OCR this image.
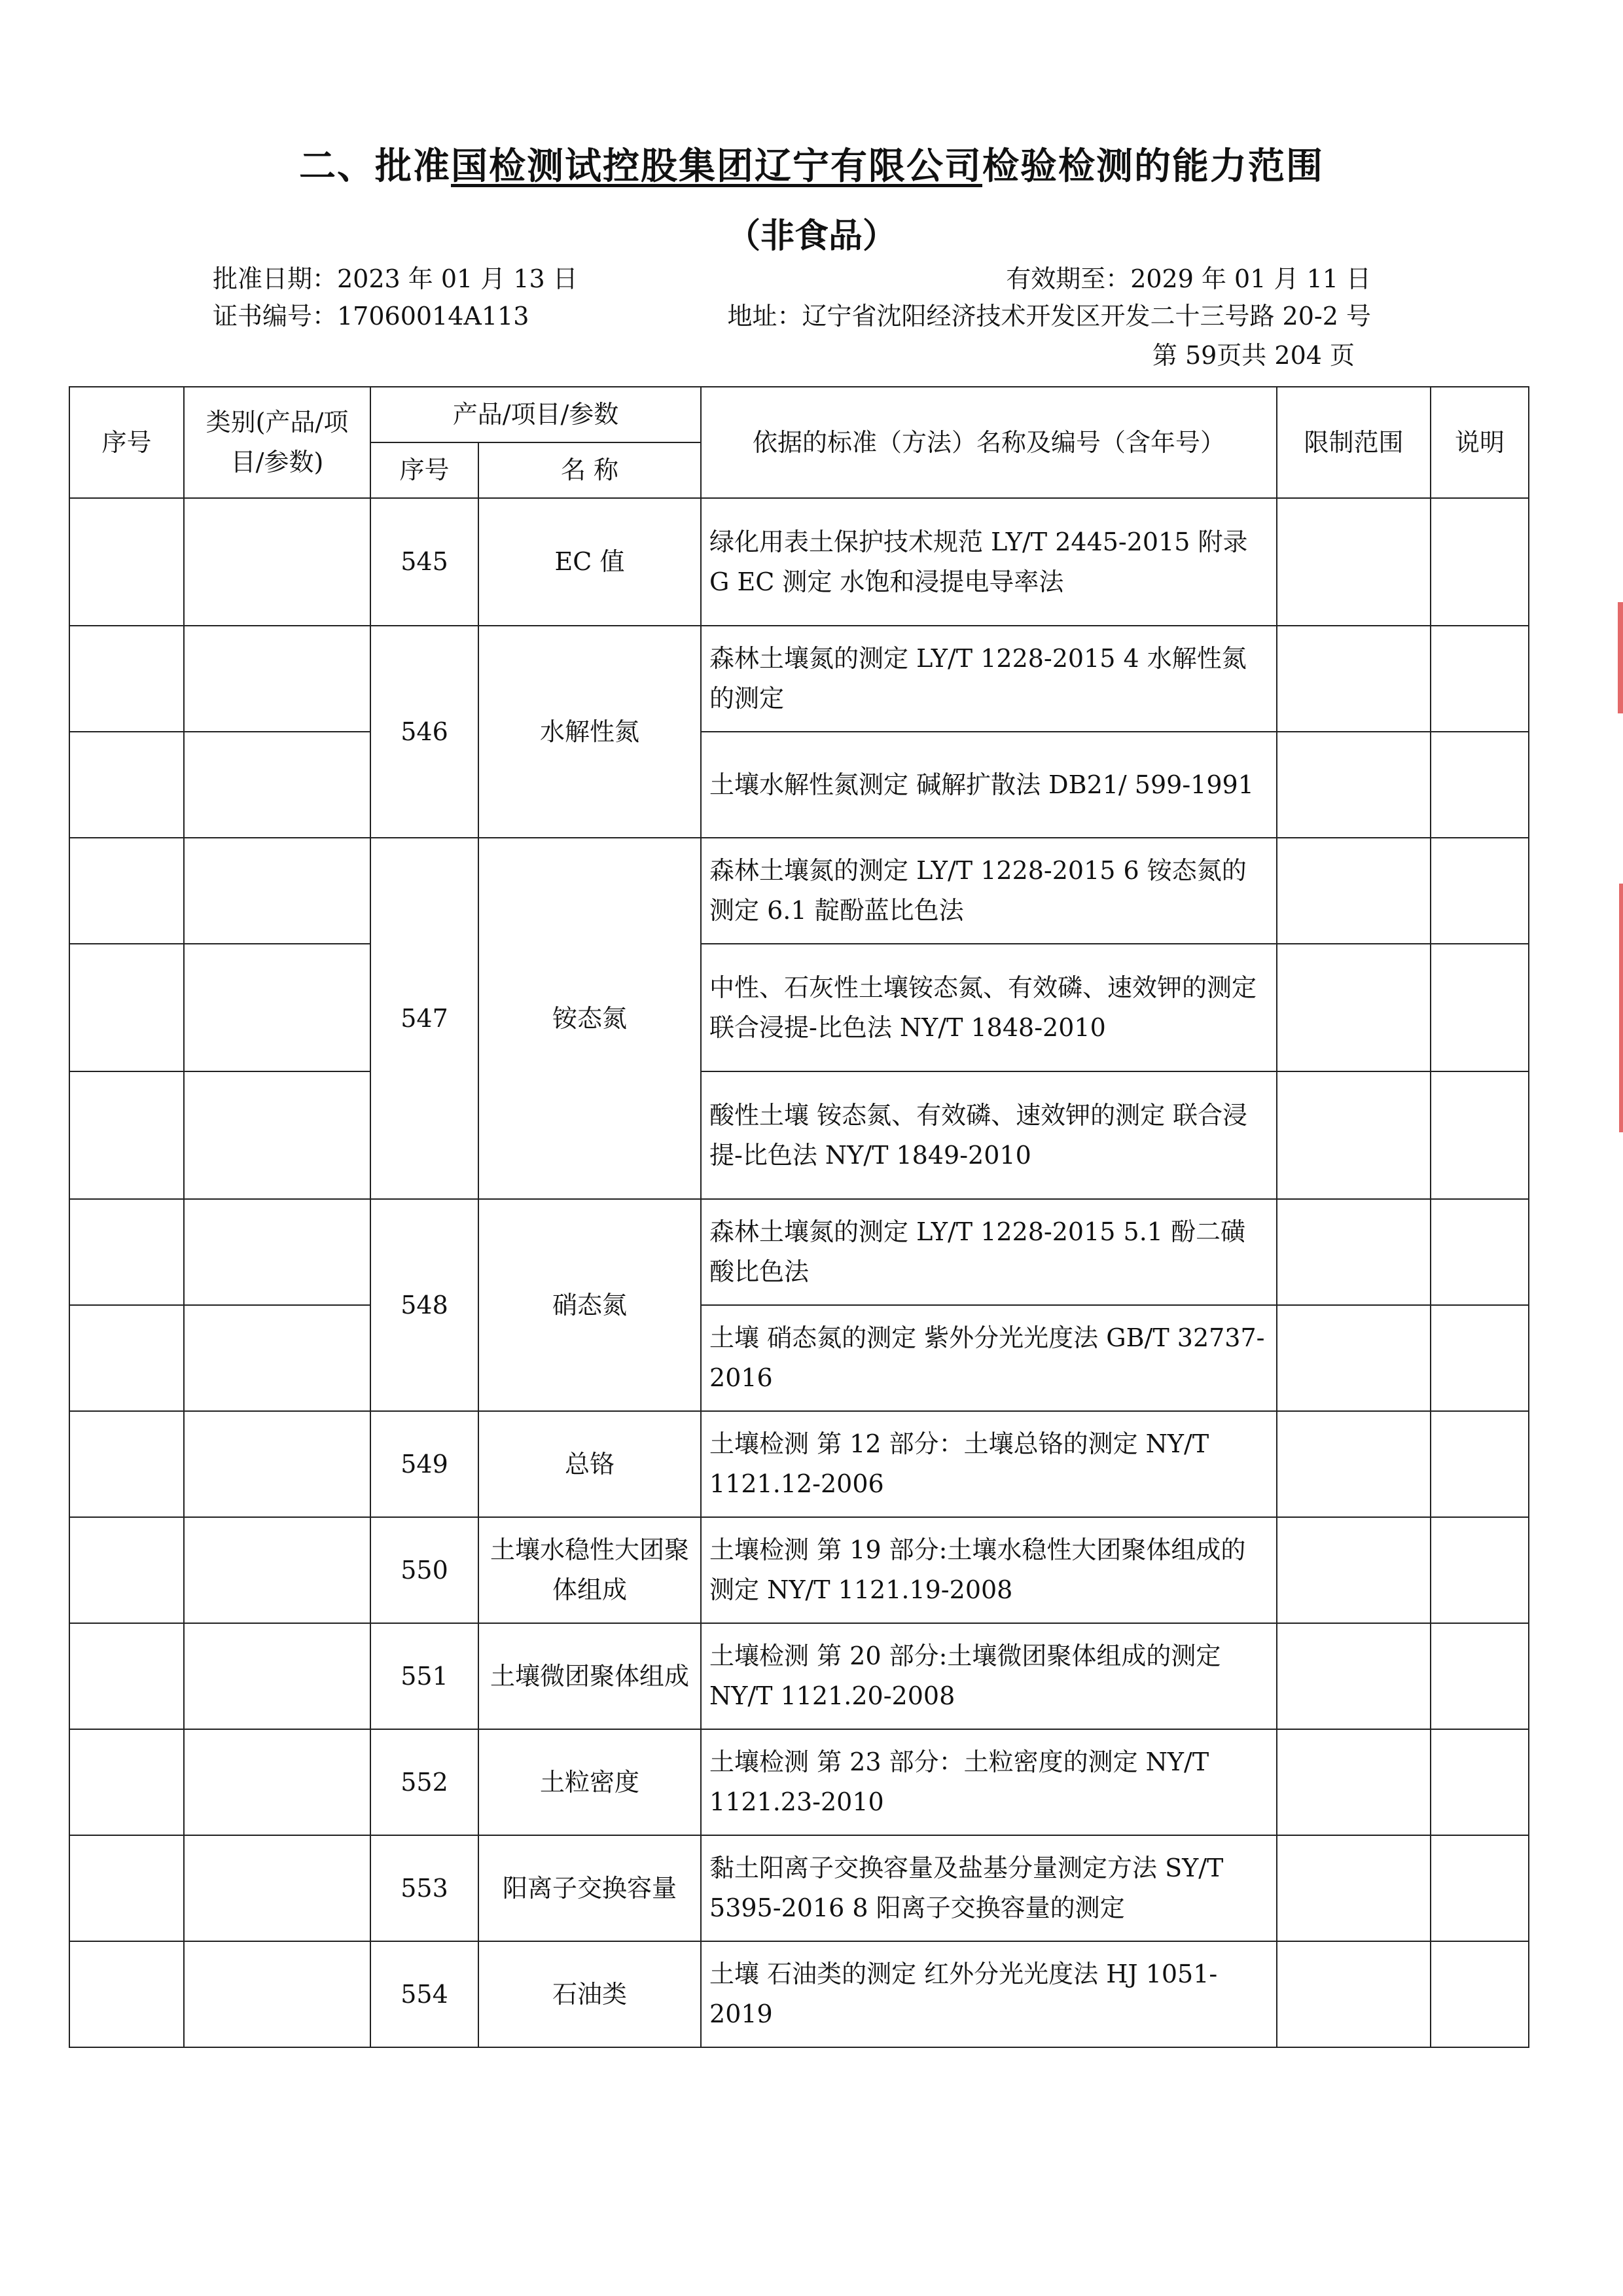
二、批准国检测试控股集团辽宁有限公司检验检测的能力范围
（非食品）
批准日期：2023 年 01 月 13 日	有效期至：2029 年 01 月 11 日
证书编号：17060014A113	地址：辽宁省沈阳经济技术开发区开发二十三号路 20-2 号
第 59页共 204 页
序号	类别(产品/项目/参数)	产品/项目/参数		依据的标准（方法）名称及编号（含年号）	限制范围	说明
		序号	名 称			
		545	EC 值	绿化用表土保护技术规范 LY/T 2445-2015 附录 G EC 测定 水饱和浸提电导率法		
		546	水解性氮	森林土壤氮的测定 LY/T 1228-2015 4 水解性氮的测定		
				土壤水解性氮测定 碱解扩散法 DB21/ 599-1991		
		547	铵态氮	森林土壤氮的测定 LY/T 1228-2015 6 铵态氮的测定 6.1 靛酚蓝比色法		
				中性、石灰性土壤铵态氮、有效磷、速效钾的测定 联合浸提-比色法 NY/T 1848-2010		
				酸性土壤 铵态氮、有效磷、速效钾的测定 联合浸提-比色法 NY/T 1849-2010		
		548	硝态氮	森林土壤氮的测定 LY/T 1228-2015 5.1 酚二磺酸比色法		
				土壤 硝态氮的测定 紫外分光光度法 GB/T 32737-2016		
		549	总铬	土壤检测 第 12 部分：土壤总铬的测定 NY/T 1121.12-2006		
		550	土壤水稳性大团聚体组成	土壤检测 第 19 部分:土壤水稳性大团聚体组成的测定 NY/T 1121.19-2008		
		551	土壤微团聚体组成	土壤检测 第 20 部分:土壤微团聚体组成的测定 NY/T 1121.20-2008		
		552	土粒密度	土壤检测 第 23 部分：土粒密度的测定 NY/T 1121.23-2010		
		553	阳离子交换容量	黏土阳离子交换容量及盐基分量测定方法 SY/T 5395-2016 8 阳离子交换容量的测定		
		554	石油类	土壤 石油类的测定 红外分光光度法 HJ 1051-2019		
